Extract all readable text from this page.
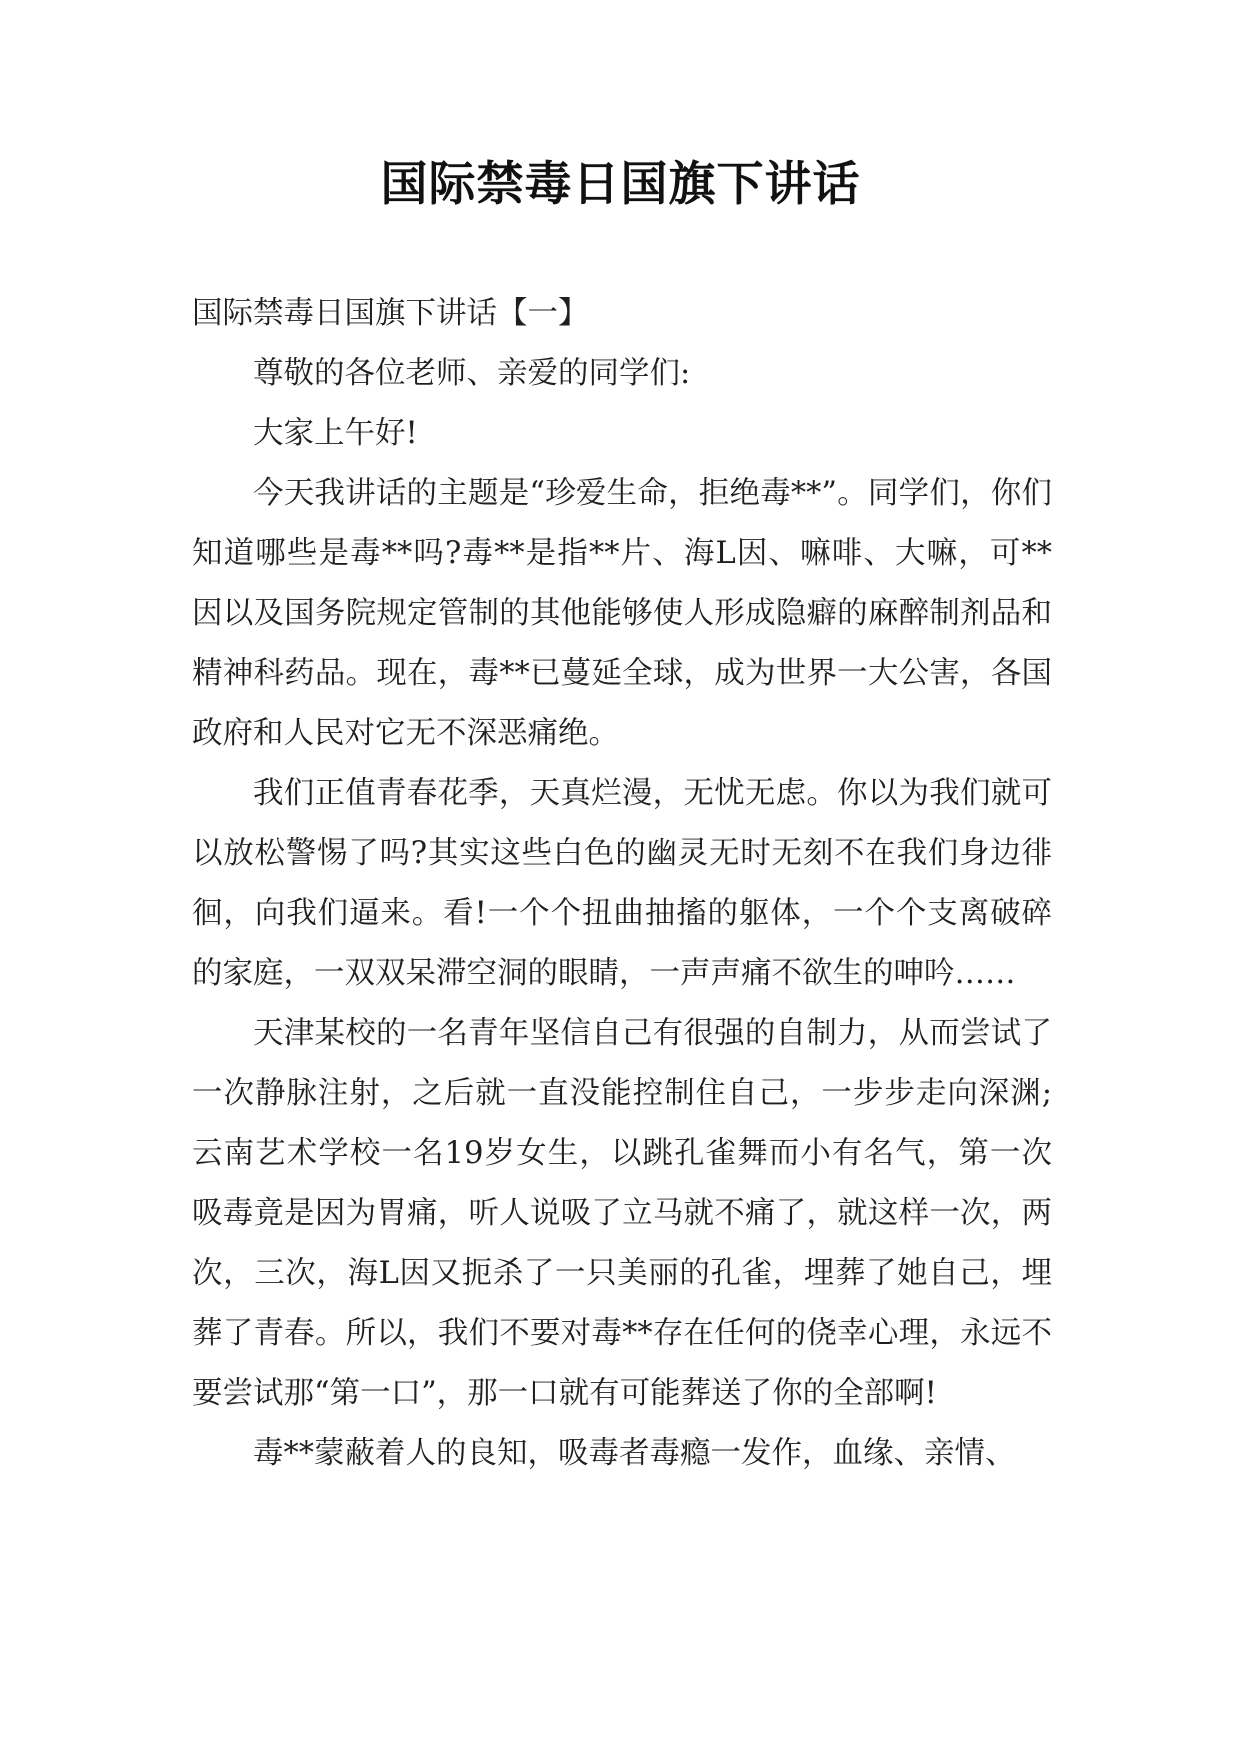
国际禁毒日国旗下讲话

国际禁毒日国旗下讲话【一】

尊敬的各位老师、亲爱的同学们:

大家上午好!

今天我讲话的主题是“珍爱生命，拒绝毒**”。同学们，你们知道哪些是毒**吗?毒**是指**片、海L因、嘛啡、大嘛，可**因以及国务院规定管制的其他能够使人形成隐癖的麻醉制剂品和精神科药品。现在，毒**已蔓延全球，成为世界一大公害，各国政府和人民对它无不深恶痛绝。

我们正值青春花季，天真烂漫，无忧无虑。你以为我们就可以放松警惕了吗?其实这些白色的幽灵无时无刻不在我们身边徘徊，向我们逼来。看!一个个扭曲抽搐的躯体，一个个支离破碎的家庭，一双双呆滞空洞的眼睛，一声声痛不欲生的呻吟……

天津某校的一名青年坚信自己有很强的自制力，从而尝试了一次静脉注射，之后就一直没能控制住自己，一步步走向深渊;云南艺术学校一名19岁女生，以跳孔雀舞而小有名气，第一次吸毒竟是因为胃痛，听人说吸了立马就不痛了，就这样一次，两次，三次，海L因又扼杀了一只美丽的孔雀，埋葬了她自己，埋葬了青春。所以，我们不要对毒**存在任何的侥幸心理，永远不要尝试那“第一口”，那一口就有可能葬送了你的全部啊!

毒**蒙蔽着人的良知，吸毒者毒瘾一发作，血缘、亲情、
